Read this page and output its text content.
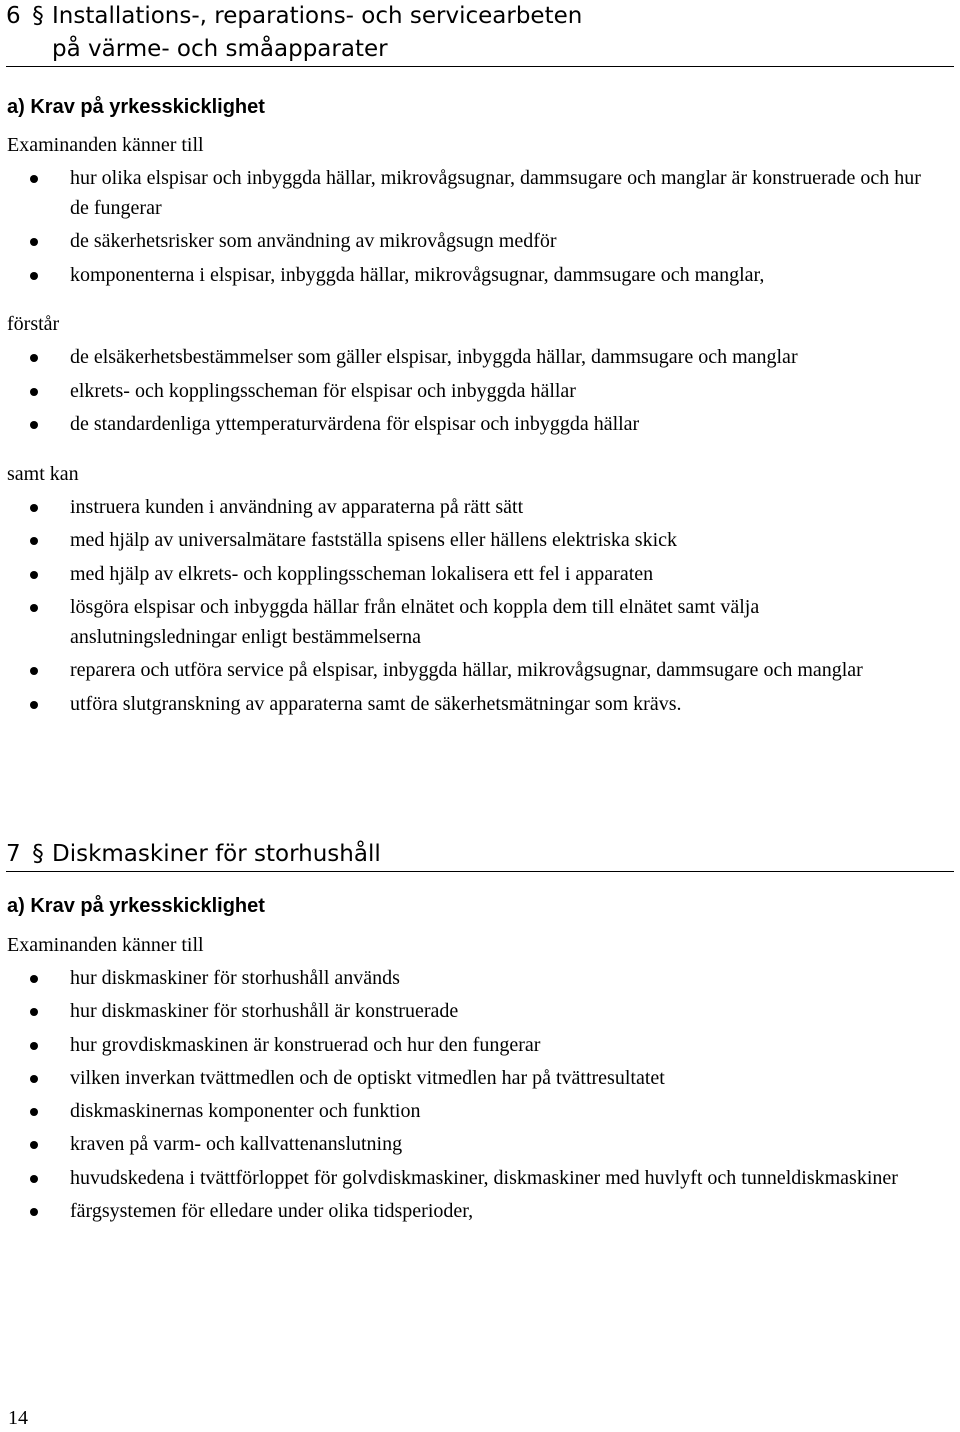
6 § Installations-, reparations- och servicearbeten
på värme- och småapparater
a) Krav på yrkesskicklighet
Examinanden känner till
hur olika elspisar och inbyggda hällar, mikrovågsugnar, dammsugare och manglar är konstruerade och hur de fungerar
de säkerhetsrisker som användning av mikrovågsugn medför
komponenterna i elspisar, inbyggda hällar, mikrovågsugnar, dammsugare och manglar,
förstår
de elsäkerhetsbestämmelser som gäller elspisar, inbyggda hällar, dammsugare och manglar
elkrets- och kopplingsscheman för elspisar och inbyggda hällar
de standardenliga yttemperaturvärdena för elspisar och inbyggda hällar
samt kan
instruera kunden i användning av apparaterna på rätt sätt
med hjälp av universalmätare fastställa spisens eller hällens elektriska skick
med hjälp av elkrets- och kopplingsscheman lokalisera ett fel i apparaten
lösgöra elspisar och inbyggda hällar från elnätet och koppla dem till elnätet samt välja anslutningsledningar enligt bestämmelserna
reparera och utföra service på elspisar, inbyggda hällar, mikrovågsugnar, dammsugare och manglar
utföra slutgranskning av apparaterna samt de säkerhetsmätningar som krävs.
7 § Diskmaskiner för storhushåll
a) Krav på yrkesskicklighet
Examinanden känner till
hur diskmaskiner för storhushåll används
hur diskmaskiner för storhushåll är konstruerade
hur grovdiskmaskinen är konstruerad och hur den fungerar
vilken inverkan tvättmedlen och de optiskt vitmedlen har på tvättresultatet
diskmaskinernas komponenter och funktion
kraven på varm- och kallvattenanslutning
huvudskedena i tvättförloppet för golvdiskmaskiner, diskmaskiner med huvlyft och tunneldiskmaskiner
färgsystemen för elledare under olika tidsperioder,
14
